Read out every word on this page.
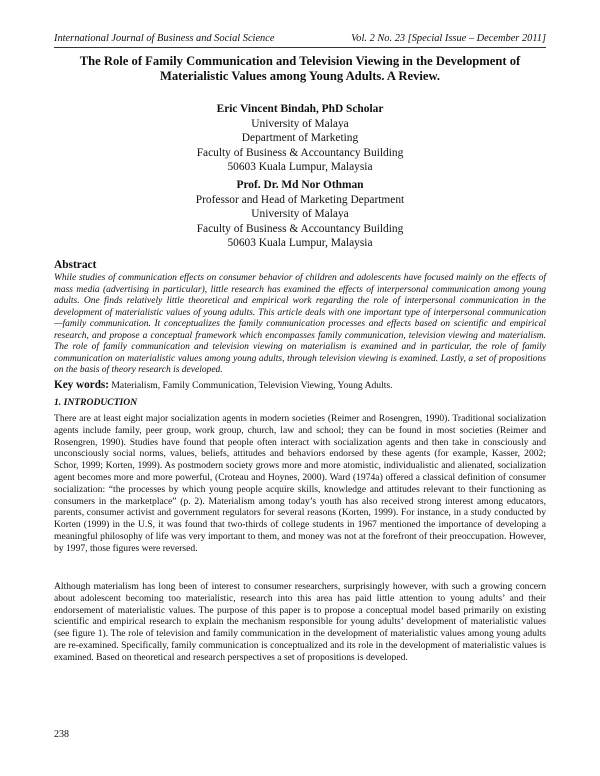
International Journal of Business and Social Science	Vol. 2 No. 23 [Special Issue – December 2011]
The Role of Family Communication and Television Viewing in the Development of Materialistic Values among Young Adults. A Review.
Eric Vincent Bindah, PhD Scholar
University of Malaya
Department of Marketing
Faculty of Business & Accountancy Building
50603 Kuala Lumpur, Malaysia
Prof. Dr. Md Nor Othman
Professor and Head of Marketing Department
University of Malaya
Faculty of Business & Accountancy Building
50603 Kuala Lumpur, Malaysia
Abstract
While studies of communication effects on consumer behavior of children and adolescents have focused mainly on the effects of mass media (advertising in particular), little research has examined the effects of interpersonal communication among young adults. One finds relatively little theoretical and empirical work regarding the role of interpersonal communication in the development of materialistic values of young adults. This article deals with one important type of interpersonal communication—family communication. It conceptualizes the family communication processes and effects based on scientific and empirical research, and propose a conceptual framework which encompasses family communication, television viewing and materialism. The role of family communication and television viewing on materialism is examined and in particular, the role of family communication on materialistic values among young adults, through television viewing is examined. Lastly, a set of propositions on the basis of theory research is developed.
Key words: Materialism, Family Communication, Television Viewing, Young Adults.
1. INTRODUCTION
There are at least eight major socialization agents in modern societies (Reimer and Rosengren, 1990). Traditional socialization agents include family, peer group, work group, church, law and school; they can be found in most societies (Reimer and Rosengren, 1990). Studies have found that people often interact with socialization agents and then take in consciously and unconsciously social norms, values, beliefs, attitudes and behaviors endorsed by these agents (for example, Kasser, 2002; Schor, 1999; Korten, 1999). As postmodern society grows more and more atomistic, individualistic and alienated, socialization agent becomes more and more powerful, (Croteau and Hoynes, 2000). Ward (1974a) offered a classical definition of consumer socialization: “the processes by which young people acquire skills, knowledge and attitudes relevant to their functioning as consumers in the marketplace” (p. 2). Materialism among today’s youth has also received strong interest among educators, parents, consumer activist and government regulators for several reasons (Korten, 1999). For instance, in a study conducted by Korten (1999) in the U.S, it was found that two-thirds of college students in 1967 mentioned the importance of developing a meaningful philosophy of life was very important to them, and money was not at the forefront of their preoccupation. However, by 1997, those figures were reversed.
Although materialism has long been of interest to consumer researchers, surprisingly however, with such a growing concern about adolescent becoming too materialistic, research into this area has paid little attention to young adults’ and their endorsement of materialistic values. The purpose of this paper is to propose a conceptual model based primarily on existing scientific and empirical research to explain the mechanism responsible for young adults’ development of materialistic values (see figure 1). The role of television and family communication in the development of materialistic values among young adults are re-examined. Specifically, family communication is conceptualized and its role in the development of materialistic values is examined. Based on theoretical and research perspectives a set of propositions is developed.
238
